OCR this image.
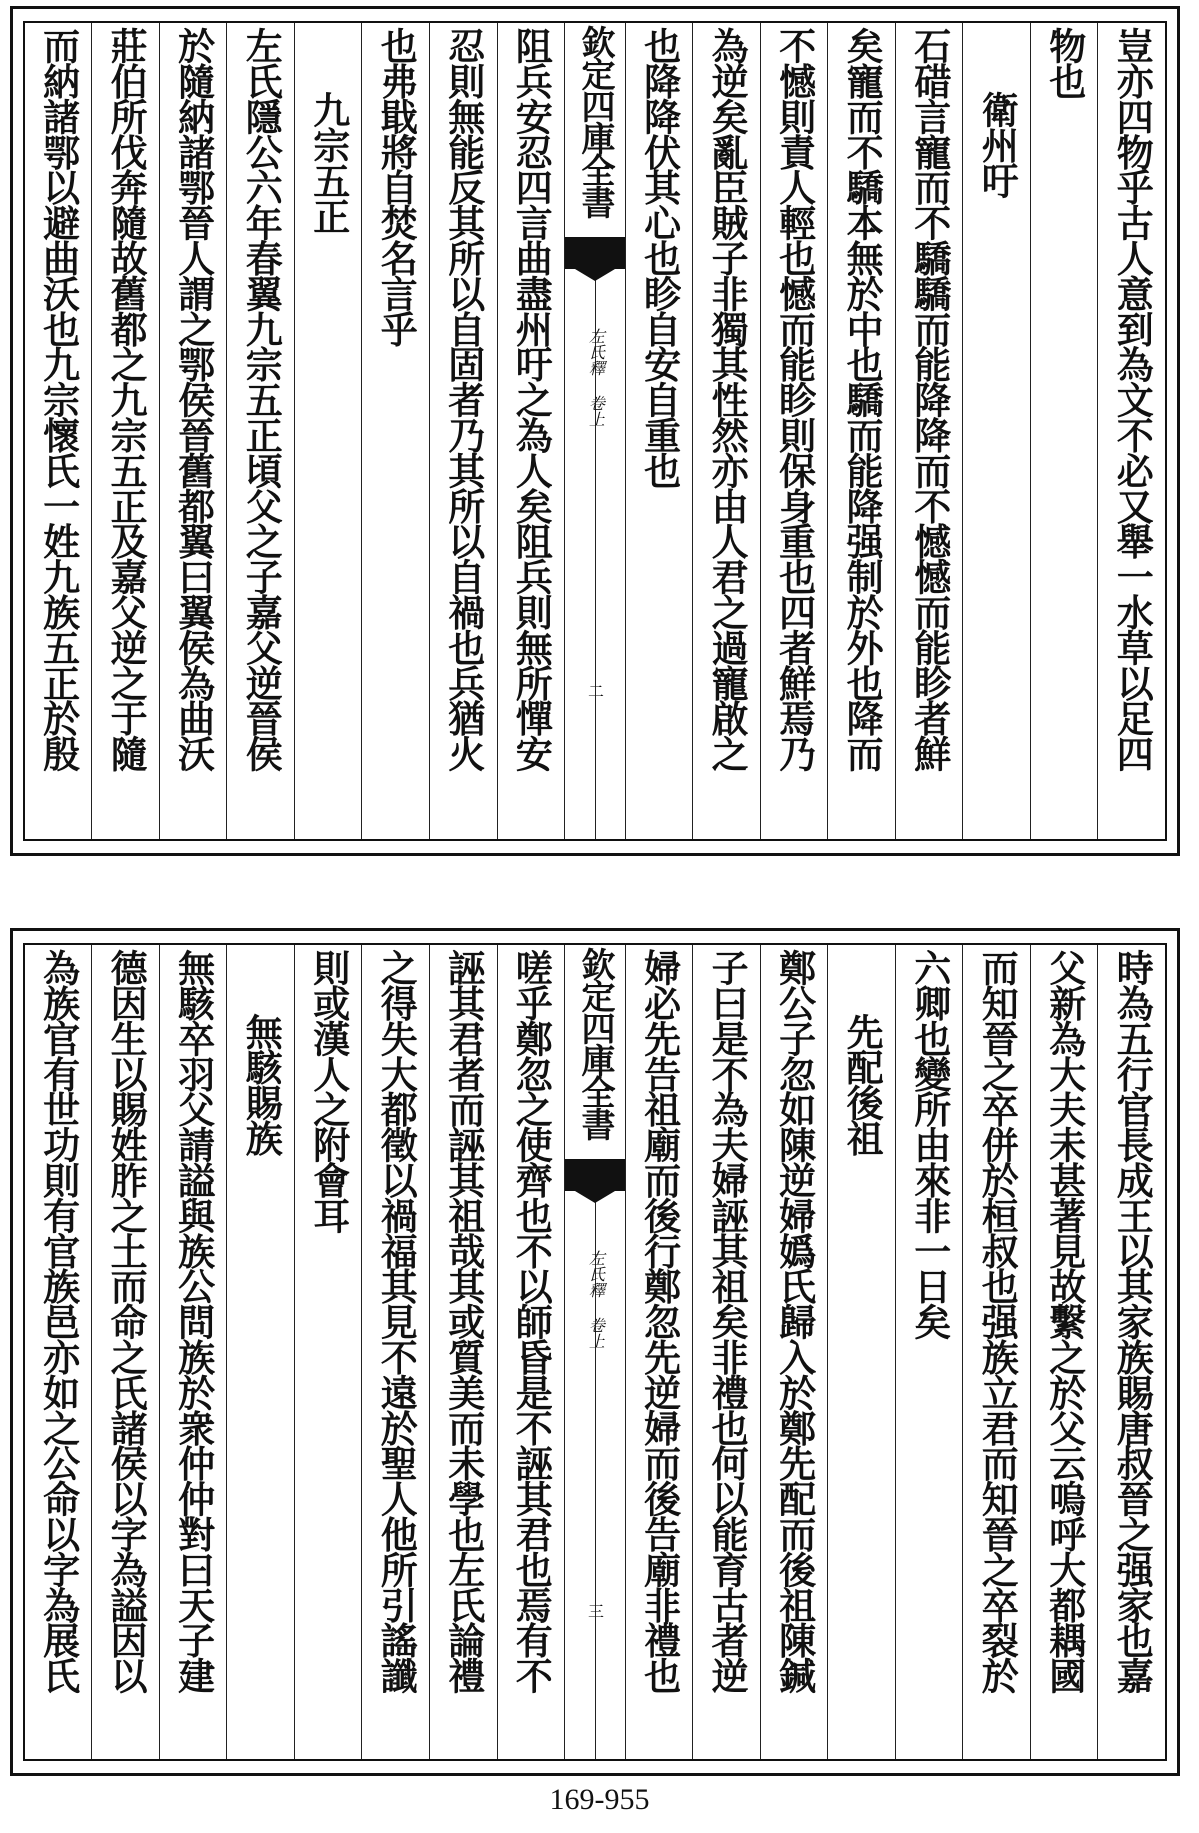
豈亦四物乎古人意到為文不必又舉一水草以足四
物也
衛州吁
石碏言寵而不驕驕而能降降而不憾憾而能眕者鮮
矣寵而不驕本無於中也驕而能降强制於外也降而
不憾則責人輕也憾而能眕則保身重也四者鮮焉乃
為逆矣亂臣賊子非獨其性然亦由人君之過寵啟之
也降降伏其心也眕自安自重也
欽定四庫全書
左氏釋 卷上
二
阻兵安忍四言曲盡州吁之為人矣阻兵則無所憚安
忍則無能反其所以自固者乃其所以自禍也兵猶火
也弗戢將自焚名言乎
九宗五正
左氏隱公六年春翼九宗五正頃父之子嘉父逆晉侯
於隨納諸鄂晉人謂之鄂侯晉舊都翼曰翼侯為曲沃
莊伯所伐奔隨故舊都之九宗五正及嘉父逆之于隨
而納諸鄂以避曲沃也九宗懷氏一姓九族五正於殷
時為五行官長成王以其家族賜唐叔晉之强家也嘉
父新為大夫未甚著見故繫之於父云嗚呼大都耦國
而知晉之卒併於桓叔也强族立君而知晉之卒裂於
六卿也變所由來非一日矣
先配後祖
鄭公子忽如陳逆婦嬀氏歸入於鄭先配而後祖陳鍼
子曰是不為夫婦誣其祖矣非禮也何以能育古者逆
婦必先告祖廟而後行鄭忽先逆婦而後告廟非禮也
欽定四庫全書
左氏釋 卷上
三
嗟乎鄭忽之使齊也不以師昏是不誣其君也焉有不
誣其君者而誣其祖哉其或質美而未學也左氏論禮
之得失大都徵以禍福其見不遠於聖人他所引謠讖
則或漢人之附會耳
無駭賜族
無駭卒羽父請謚與族公問族於衆仲仲對曰天子建
德因生以賜姓胙之土而命之氏諸侯以字為謚因以
為族官有世功則有官族邑亦如之公命以字為展氏
169-955
